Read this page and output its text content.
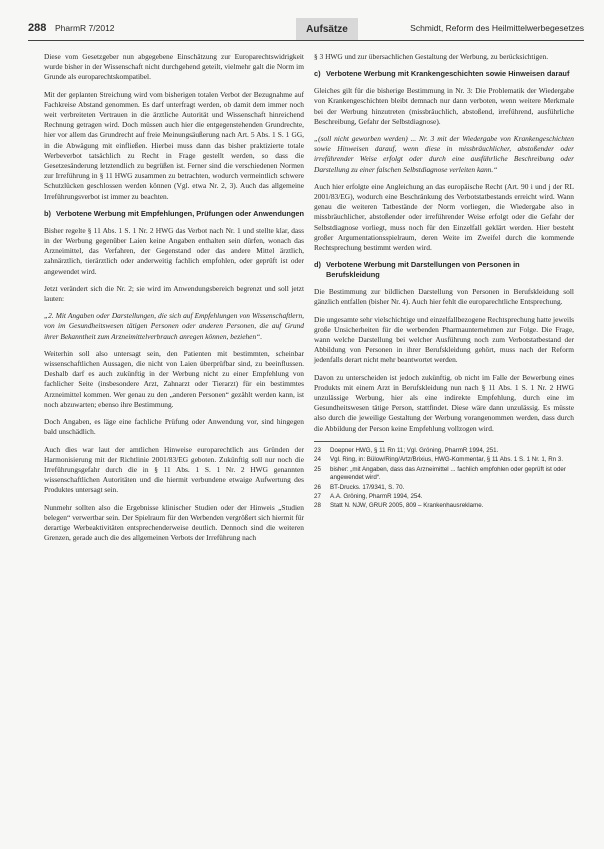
288 PharmR 7/2012	Aufsätze	Schmidt, Reform des Heilmittelwerbegesetzes

Diese vom Gesetzgeber nun abgegebene Einschätzung zur Europarechtswidrigkeit wurde bisher in der Wissenschaft nicht durchgehend geteilt, vielmehr galt die Norm im Grunde als europarechtskompatibel.

Mit der geplanten Streichung wird vom bisherigen totalen Verbot der Bezugnahme auf Fachkreise Abstand genommen. Es darf unterfragt werden, ob damit dem immer noch weit verbreiteten Vertrauen in die ärztliche Autorität und Wissenschaft hinreichend Rechnung getragen wird. Doch müssen auch hier die entgegenstehenden Grundrechte, hier vor allem das Grundrecht auf freie Meinungsäußerung nach Art. 5 Abs. 1 S. 1 GG, in die Abwägung mit einfließen. Hierbei muss dann das bisher praktizierte totale Werbeverbot tatsächlich zu Recht in Frage gestellt werden, so dass die Gesetzesänderung letztendlich zu begrüßen ist. Ferner sind die verschiedenen Normen zur Irreführung in § 11 HWG zusammen zu betrachten, wodurch vermeintlich schwere Schutzlücken geschlossen werden können (Vgl. etwa Nr. 2, 3). Auch das allgemeine Irreführungsverbot ist immer zu beachten.

b) Verbotene Werbung mit Empfehlungen, Prüfungen oder Anwendungen

Bisher regelte § 11 Abs. 1 S. 1 Nr. 2 HWG das Verbot nach Nr. 1 und stellte klar, dass in der Werbung gegenüber Laien keine Angaben enthalten sein dürfen, wonach das Arzneimittel, das Verfahren, der Gegenstand oder das andere Mittel ärztlich, zahnärztlich, tierärztlich oder anderweitig fachlich empfohlen, oder geprüft ist oder angewendet wird.

Jetzt verändert sich die Nr. 2; sie wird im Anwendungsbereich begrenzt und soll jetzt lauten:

„2. Mit Angaben oder Darstellungen, die sich auf Empfehlungen von Wissenschaftlern, von im Gesundheitswesen tätigen Personen oder anderen Personen, die auf Grund ihrer Bekanntheit zum Arzneimittelverbrauch anregen können, beziehen“.

Weiterhin soll also untersagt sein, den Patienten mit bestimmten, scheinbar wissenschaftlichen Aussagen, die nicht von Laien überprüfbar sind, zu beeinflussen. Deshalb darf es auch zukünftig in der Werbung nicht zu einer Empfehlung von fachlicher Seite (insbesondere Arzt, Zahnarzt oder Tierarzt) für ein bestimmtes Arzneimittel kommen. Wer genau zu den „anderen Personen“ gezählt werden kann, ist noch abzuwarten; ebenso ihre Bestimmung.

Doch Angaben, es läge eine fachliche Prüfung oder Anwendung vor, sind hingegen bald unschädlich.

Auch dies war laut der amtlichen Hinweise europarechtlich aus Gründen der Harmonisierung mit der Richtlinie 2001/83/EG geboten. Zukünftig soll nur noch die Irreführungsgefahr durch die in § 11 Abs. 1 S. 1 Nr. 2 HWG genannten wissenschaftlichen Autoritäten und die hiermit verbundene etwaige Aufwertung des Produktes untersagt sein.

Nunmehr sollten also die Ergebnisse klinischer Studien oder der Hinweis „Studien belegen“ verwertbar sein. Der Spielraum für den Werbenden vergrößert sich hiermit für derartige Werbeaktivitäten entsprechenderweise deutlich. Dennoch sind die weiteren Grenzen, gerade auch die des allgemeinen Verbots der Irreführung nach

§ 3 HWG und zur übersachlichen Gestaltung der Werbung, zu berücksichtigen.

c) Verbotene Werbung mit Krankengeschichten sowie Hinweisen darauf

Gleiches gilt für die bisherige Bestimmung in Nr. 3: Die Problematik der Wiedergabe von Krankengeschichten bleibt demnach nur dann verboten, wenn weitere Merkmale bei der Werbung hinzutreten (missbräuchlich, abstoßend, irreführend, ausführliche Beschreibung, Gefahr der Selbstdiagnose).

„(soll nicht geworben werden) ... Nr. 3 mit der Wiedergabe von Krankengeschichten sowie Hinweisen darauf, wenn diese in missbräuchlicher, abstoßender oder irreführender Weise erfolgt oder durch eine ausführliche Beschreibung oder Darstellung zu einer falschen Selbstdiagnose verleiten kann.“

Auch hier erfolgte eine Angleichung an das europäische Recht (Art. 90 i und j der RL 2001/83/EG), wodurch eine Beschränkung des Verbotstatbestands erreicht wird. Wann genau die weiteren Tatbestände der Norm vorliegen, die Wiedergabe also in missbräuchlicher, abstoßender oder irreführender Weise erfolgt oder die Gefahr der Selbstdiagnose vorliegt, muss noch für den Einzelfall geklärt werden. Hier besteht großer Argumentationsspielraum, deren Weite im Zweifel durch die kommende Rechtsprechung bestimmt werden wird.

d) Verbotene Werbung mit Darstellungen von Personen in Berufskleidung

Die Bestimmung zur bildlichen Darstellung von Personen in Berufskleidung soll gänzlich entfallen (bisher Nr. 4). Auch hier fehlt die europarechtliche Entsprechung.

Die ungesamte sehr vielschichtige und einzelfallbezogene Rechtsprechung hatte jeweils große Unsicherheiten für die werbenden Pharmaunternehmen zur Folge. Die Frage, wann welche Darstellung bei welcher Ausführung noch zum Verbotstatbestand der Abbildung von Personen in ihrer Berufskleidung gehört, muss nach der Reform jedenfalls derart nicht mehr beantwortet werden.

Davon zu unterscheiden ist jedoch zukünftig, ob nicht im Falle der Bewerbung eines Produkts mit einem Arzt in Berufskleidung nun nach § 11 Abs. 1 S. 1 Nr. 2 HWG unzulässige Werbung, hier als eine indirekte Empfehlung, durch eine im Gesundheitswesen tätige Person, stattfindet. Diese wäre dann unzulässig. Es müsste also durch die jeweilige Gestaltung der Werbung vorangenommen werden, dass durch die Abbildung der Person keine Empfehlung vollzogen wird.

23	Doepner HWG, § 11 Rn 11; Vgl. Gröning, PharmR 1994, 251.
24	Vgl. Ring, in: Bülow/Ring/Artz/Brixius, HWG-Kommentar, § 11 Abs. 1 S. 1 Nr. 1, Rn 3.
25	bisher: „mit Angaben, dass das Arzneimittel ... fachlich empfohlen oder geprüft ist oder angewendet wird“.
26	BT-Drucks. 17/9341, S. 70.
27	A.A. Gröning, PharmR 1994, 254.
28	Statt N. NJW, GRUR 2005, 809 – Krankenhausreklame.
